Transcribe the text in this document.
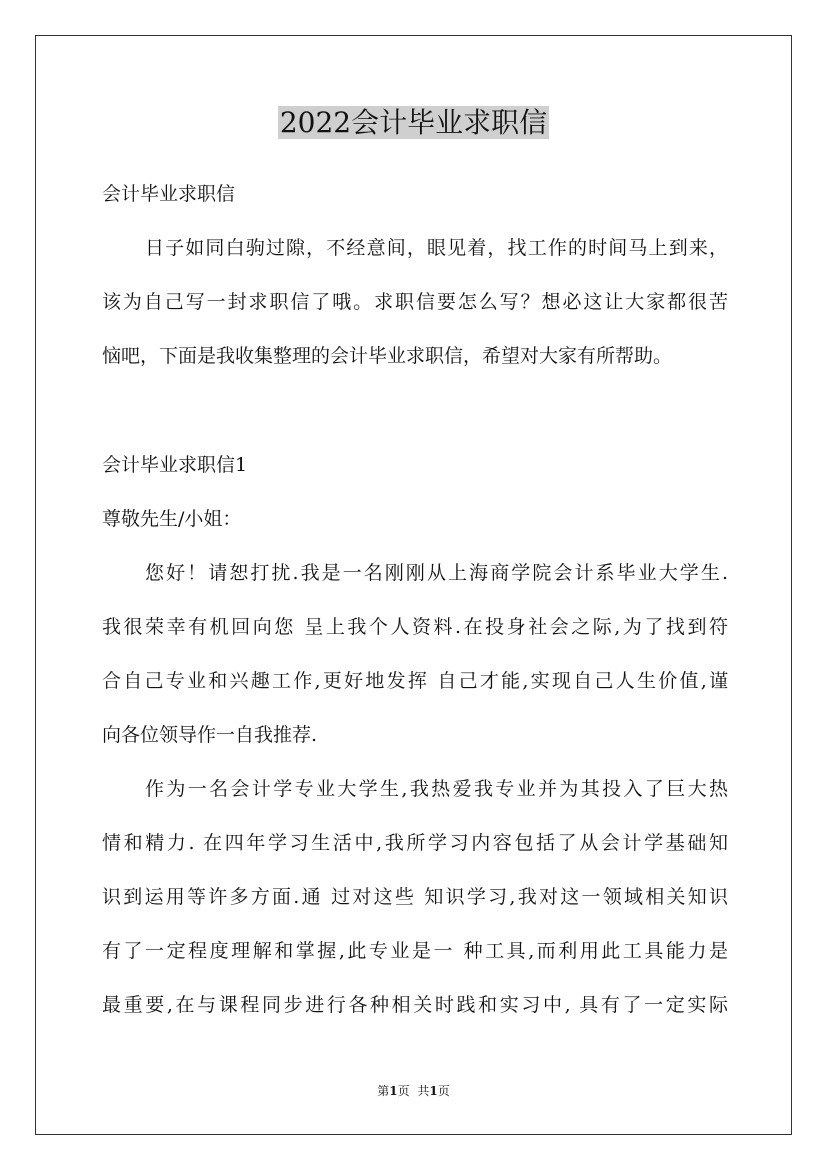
2022会计毕业求职信

会计毕业求职信

日子如同白驹过隙，不经意间，眼见着，找工作的时间马上到来，

该为自己写一封求职信了哦。求职信要怎么写？想必这让大家都很苦

恼吧，下面是我收集整理的会计毕业求职信，希望对大家有所帮助。

会计毕业求职信1

尊敬先生/小姐：

您好！请恕打扰.我是一名刚刚从上海商学院会计系毕业大学生.

我很荣幸有机回向您 呈上我个人资料.在投身社会之际,为了找到符

合自己专业和兴趣工作,更好地发挥 自己才能,实现自己人生价值,谨

向各位领导作一自我推荐.

作为一名会计学专业大学生,我热爱我专业并为其投入了巨大热

情和精力. 在四年学习生活中,我所学习内容包括了从会计学基础知

识到运用等许多方面.通 过对这些 知识学习,我对这一领域相关知识

有了一定程度理解和掌握,此专业是一 种工具,而利用此工具能力是

最重要,在与课程同步进行各种相关时践和实习中, 具有了一定实际

第1页 共1页
